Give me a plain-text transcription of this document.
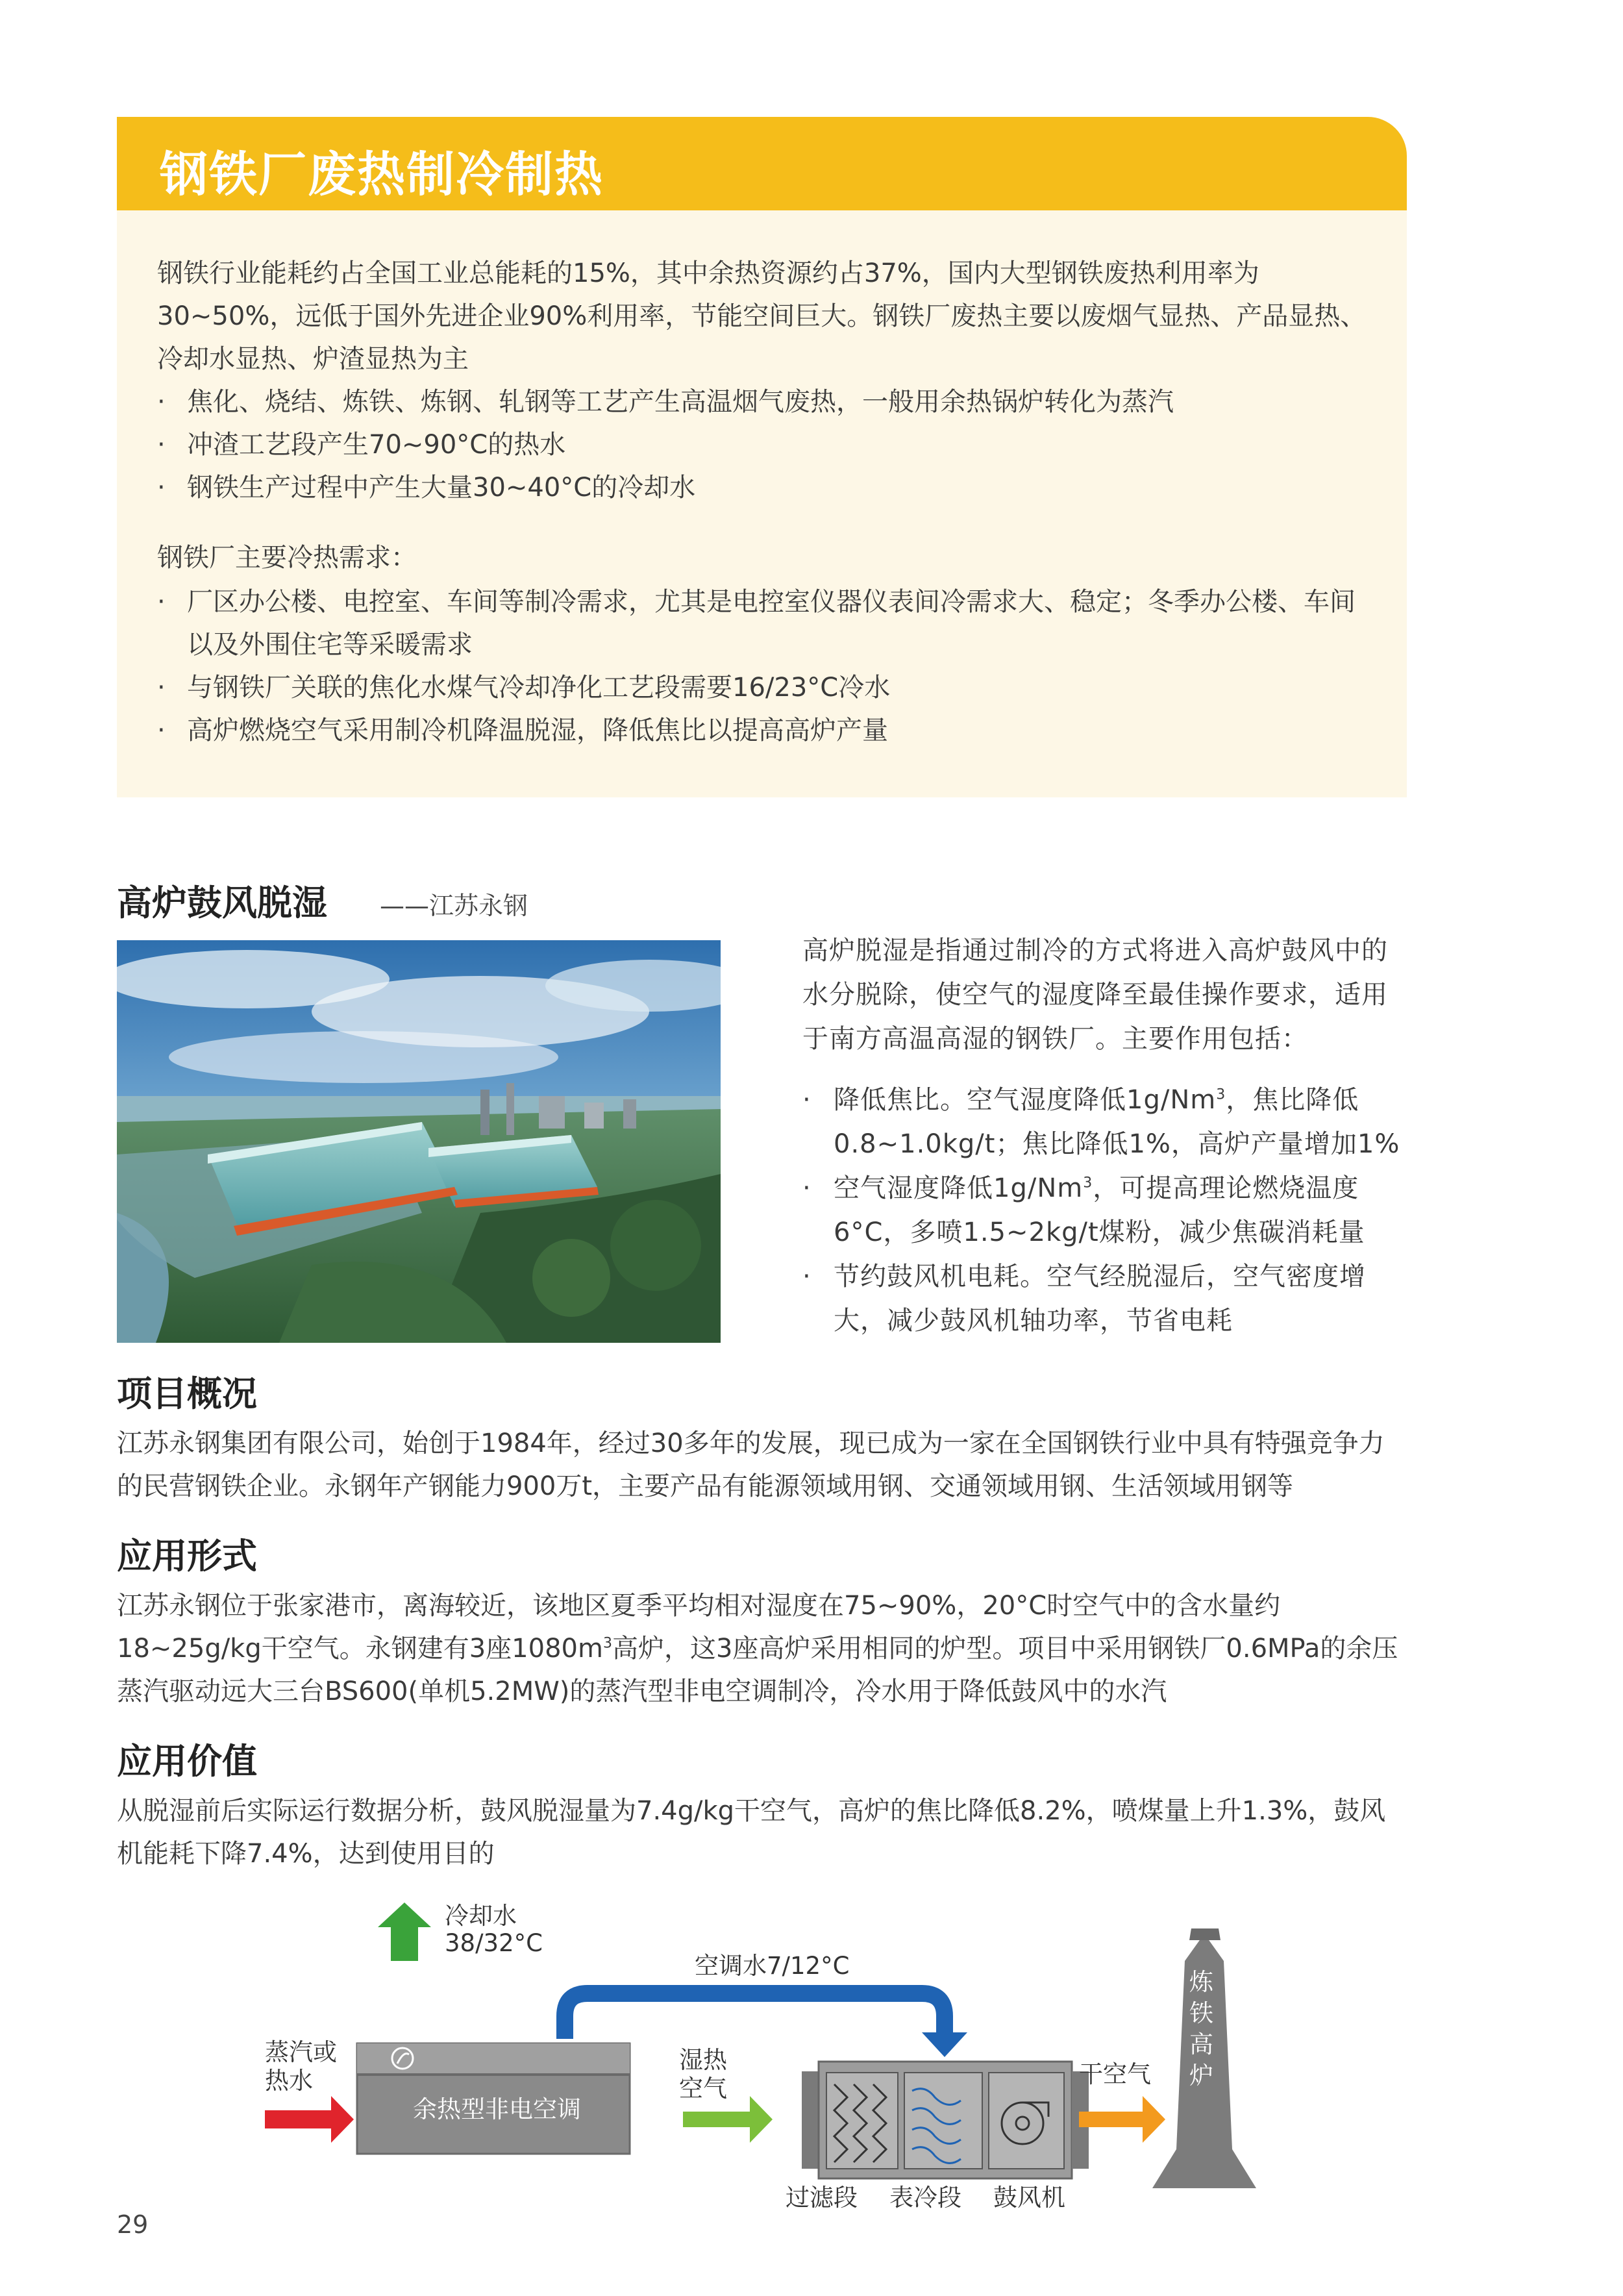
钢铁厂废热制冷制热

钢铁行业能耗约占全国工业总能耗的15%，其中余热资源约占37%，国内大型钢铁废热利用率为30~50%，远低于国外先进企业90%利用率，节能空间巨大。钢铁厂废热主要以废烟气显热、产品显热、冷却水显热、炉渣显热为主

· 焦化、烧结、炼铁、炼钢、轧钢等工艺产生高温烟气废热，一般用余热锅炉转化为蒸汽
· 冲渣工艺段产生70~90°C的热水
· 钢铁生产过程中产生大量30~40°C的冷却水

钢铁厂主要冷热需求：

· 厂区办公楼、电控室、车间等制冷需求，尤其是电控室仪器仪表间冷需求大、稳定；冬季办公楼、车间以及外围住宅等采暖需求
· 与钢铁厂关联的焦化水煤气冷却净化工艺段需要16/23°C冷水
· 高炉燃烧空气采用制冷机降温脱湿，降低焦比以提高高炉产量
高炉鼓风脱湿 ——江苏永钢

高炉脱湿是指通过制冷的方式将进入高炉鼓风中的水分脱除，使空气的湿度降至最佳操作要求，适用于南方高温高湿的钢铁厂。主要作用包括：

· 降低焦比。空气湿度降低1g/Nm$^3$，焦比降低0.8~1.0kg/t；焦比降低1%，高炉产量增加1%
· 空气湿度降低1g/Nm$^3$，可提高理论燃烧温度6°C，多喷1.5~2kg/t煤粉，减少焦碳消耗量
· 节约鼓风机电耗。空气经脱湿后，空气密度增大，减少鼓风机轴功率，节省电耗
项目概况

江苏永钢集团有限公司，始创于1984年，经过30多年的发展，现已成为一家在全国钢铁行业中具有特强竞争力的民营钢铁企业。永钢年产钢能力900万t，主要产品有能源领域用钢、交通领域用钢、生活领域用钢等

应用形式

江苏永钢位于张家港市，离海较近，该地区夏季平均相对湿度在75~90%，20°C时空气中的含水量约18~25g/kg干空气。永钢建有3座$1080m^3$高炉，这3座高炉采用相同的炉型。项目中采用钢铁厂0.6MPa的余压蒸汽驱动远大三台BS600(单机5.2MW)的蒸汽型非电空调制冷，冷水用于降低鼓风中的水汽

应用价值

从脱湿前后实际运行数据分析，鼓风脱湿量为7.4g/kg干空气，高炉的焦比降低8.2%，喷煤量上升1.3%，鼓风机能耗下降7.4%，达到使用目的

冷却水
38/32°C
空调水7/12°C
蒸汽或
热水
余热型非电空调
湿热
空气
干空气
炼
铁
高
炉
过滤段 表冷段 鼓风机
29
